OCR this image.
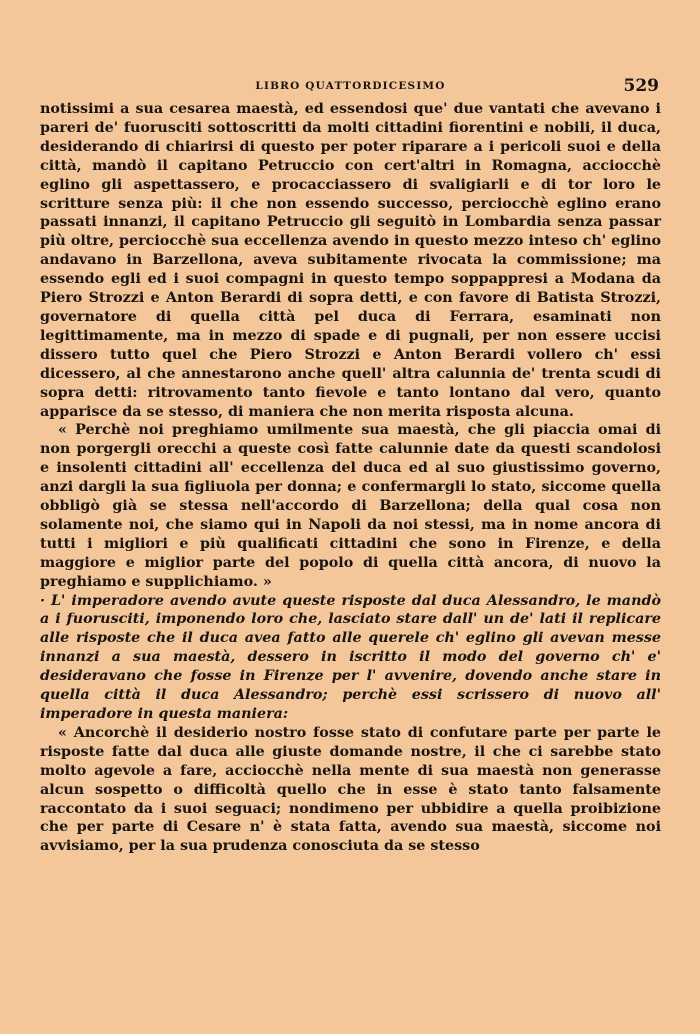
LIBRO QUATTORDICESIMO	529

notissimi a sua cesarea maestà, ed essendosi que' due vantati che avevano i pareri de' fuorusciti sottoscritti da molti cittadini fiorentini e nobili, il duca, desiderando di chiarirsi di questo per poter riparare a i pericoli suoi e della città, mandò il capitano Petruccio con cert'altri in Romagna, acciocchè eglino gli aspettassero, e procacciassero di svaligiarli e di tor loro le scritture senza più: il che non essendo successo, perciocchè eglino erano passati innanzi, il capitano Petruccio gli seguitò in Lombardia senza passar più oltre, perciocchè sua eccellenza avendo in questo mezzo inteso ch' eglino andavano in Barzellona, aveva subitamente rivocata la commissione; ma essendo egli ed i suoi compagni in questo tempo soppappresi a Modana da Piero Strozzi e Anton Berardi di sopra detti, e con favore di Batista Strozzi, governatore di quella città pel duca di Ferrara, esaminati non legittimamente, ma in mezzo di spade e di pugnali, per non essere uccisi dissero tutto quel che Piero Strozzi e Anton Berardi vollero ch' essi dicessero, al che annestarono anche quell' altra calunnia de' trenta scudi di sopra detti: ritrovamento tanto fievole e tanto lontano dal vero, quanto apparisce da se stesso, di maniera che non merita risposta alcuna.

« Perchè noi preghiamo umilmente sua maestà, che gli piaccia omai di non porgergli orecchi a queste così fatte calunnie date da questi scandolosi e insolenti cittadini all' eccellenza del duca ed al suo giustissimo governo, anzi dargli la sua figliuola per donna; e confermargli lo stato, siccome quella obbligò già se stessa nell'accordo di Barzellona; della qual cosa non solamente noi, che siamo qui in Napoli da noi stessi, ma in nome ancora di tutti i migliori e più qualificati cittadini che sono in Firenze, e della maggiore e miglior parte del popolo di quella città ancora, di nuovo la preghiamo e supplichiamo. »

· L' imperadore avendo avute queste risposte dal duca Alessandro, le mandò a i fuorusciti, imponendo loro che, lasciato stare dall' un de' lati il replicare alle risposte che il duca avea fatto alle querele ch' eglino gli avevan messe innanzi a sua maestà, dessero in iscritto il modo del governo ch' e' desideravano che fosse in Firenze per l' avvenire, dovendo anche stare in quella città il duca Alessandro; perchè essi scrissero di nuovo all' imperadore in questa maniera:

« Ancorchè il desiderio nostro fosse stato di confutare parte per parte le risposte fatte dal duca alle giuste domande nostre, il che ci sarebbe stato molto agevole a fare, acciocchè nella mente di sua maestà non generasse alcun sospetto o difficoltà quello che in esse è stato tanto falsamente raccontato da i suoi seguaci; nondimeno per ubbidire a quella proibizione che per parte di Cesare n' è stata fatta, avendo sua maestà, siccome noi avvisiamo, per la sua prudenza conosciuta da se stesso
